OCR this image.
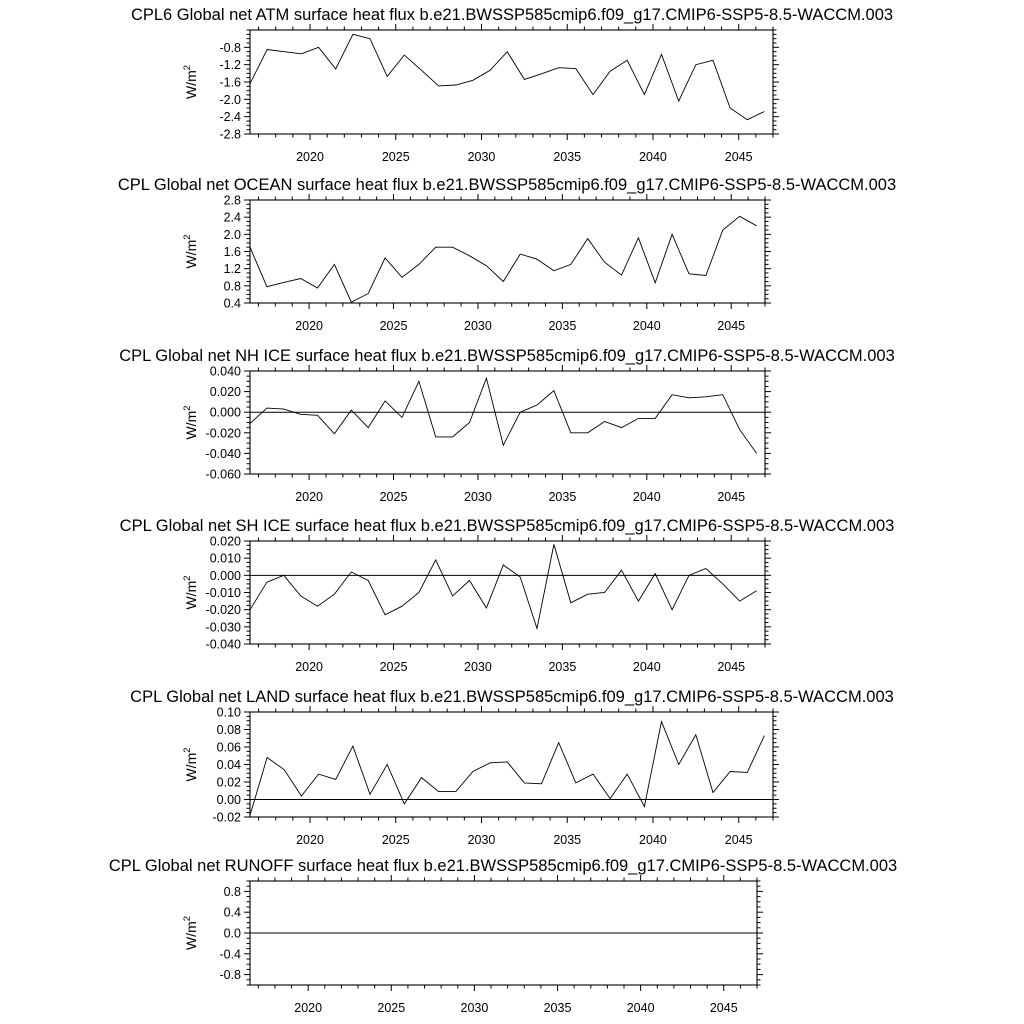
CPL6 Global net ATM surface heat flux b.e21.BWSSP585cmip6.f09_g17.CMIP6-SSP5-8.5-WACCM.003
2020	2025	2030	2035	2040	2045
-2.8
-2.4
-2.0
-1.6
-1.2
-0.8
$W/m^2$
CPL Global net OCEAN surface heat flux b.e21.BWSSP585cmip6.f09_g17.CMIP6-SSP5-8.5-WACCM.003
2020	2025	2030	2035	2040	2045
0.4
0.8
1.2
1.6
2.0
2.4
2.8
$W/m^2$
CPL Global net NH ICE surface heat flux b.e21.BWSSP585cmip6.f09_g17.CMIP6-SSP5-8.5-WACCM.003
2020	2025	2030	2035	2040	2045
-0.060
-0.040
-0.020
0.000
0.020
0.040
$W/m^2$
CPL Global net SH ICE surface heat flux b.e21.BWSSP585cmip6.f09_g17.CMIP6-SSP5-8.5-WACCM.003
2020	2025	2030	2035	2040	2045
-0.040
-0.030
-0.020
-0.010
0.000
0.010
0.020
$W/m^2$
CPL Global net LAND surface heat flux b.e21.BWSSP585cmip6.f09_g17.CMIP6-SSP5-8.5-WACCM.003
2020	2025	2030	2035	2040	2045
-0.02
0.00
0.02
0.04
0.06
0.08
0.10
$W/m^2$
CPL Global net RUNOFF surface heat flux b.e21.BWSSP585cmip6.f09_g17.CMIP6-SSP5-8.5-WACCM.003
2020	2025	2030	2035	2040	2045
-0.8
-0.4
0.0
0.4
0.8
$W/m^2$
